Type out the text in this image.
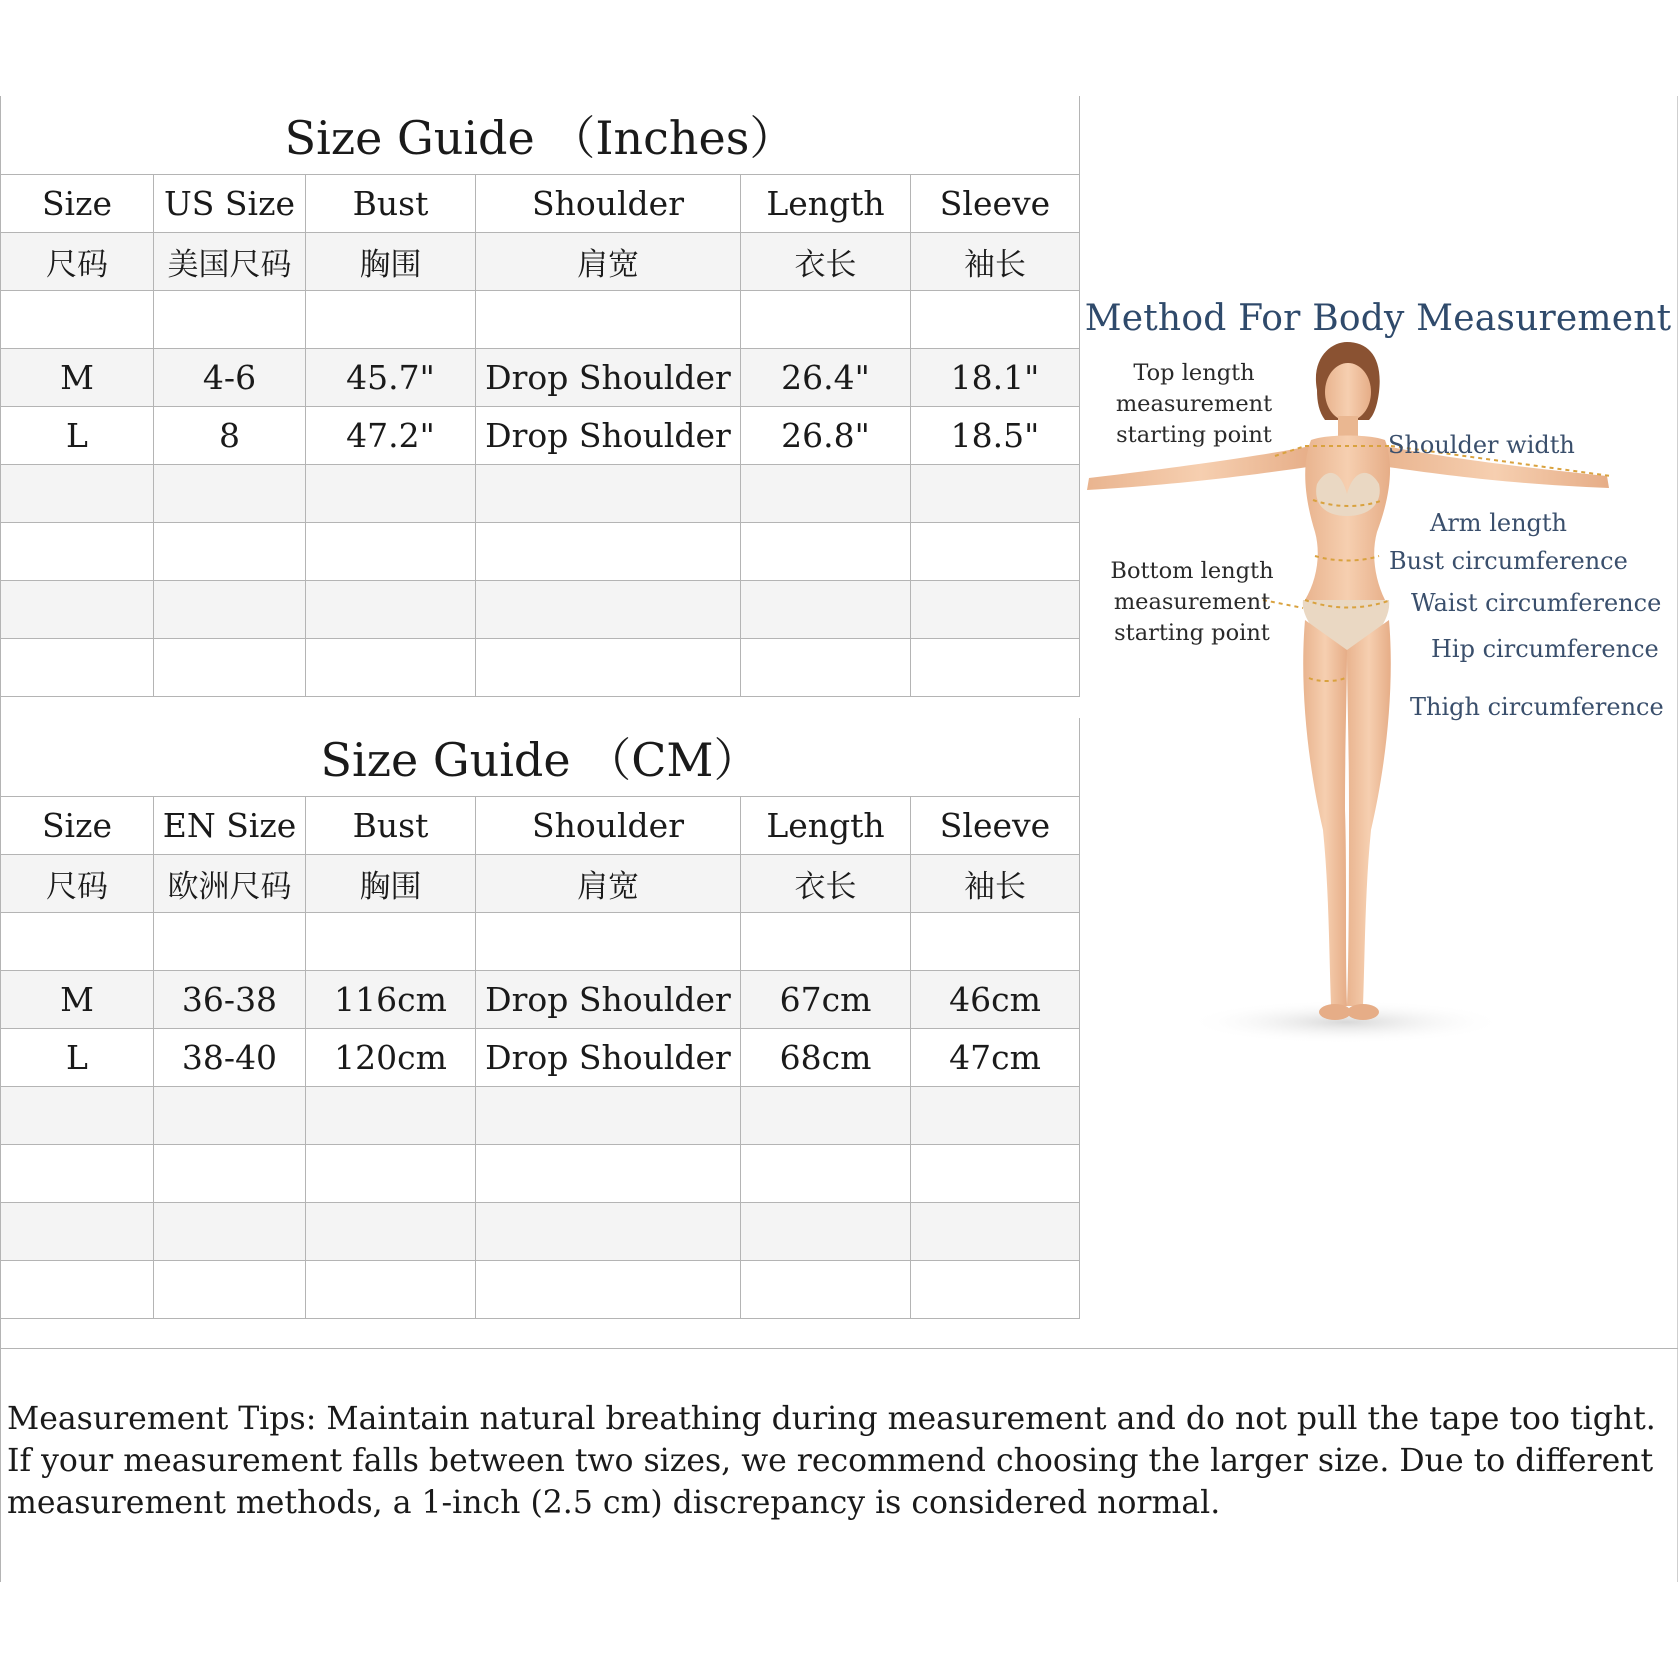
Size Guide （Inches）					
Size	US Size	Bust	Shoulder	Length	Sleeve
尺码	美国尺码	胸围	肩宽	衣长	袖长

M	4-6	45.7"	Drop Shoulder	26.4"	18.1"
L	8	47.2"	Drop Shoulder	26.8"	18.5"

Size Guide （CM）					
Size	EN Size	Bust	Shoulder	Length	Sleeve
尺码	欧洲尺码	胸围	肩宽	衣长	袖长

M	36-38	116cm	Drop Shoulder	67cm	46cm
L	38-40	120cm	Drop Shoulder	68cm	47cm

Method For Body Measurement
Top length
measurement
starting point	Shoulder width
Arm length
Bust circumference
Bottom length
measurement
starting point
Waist circumference
Hip circumference
Thigh circumference
Measurement Tips: Maintain natural breathing during measurement and do not pull the tape too tight. If your measurement falls between two sizes, we recommend choosing the larger size. Due to different measurement methods, a 1-inch (2.5 cm) discrepancy is considered normal.
